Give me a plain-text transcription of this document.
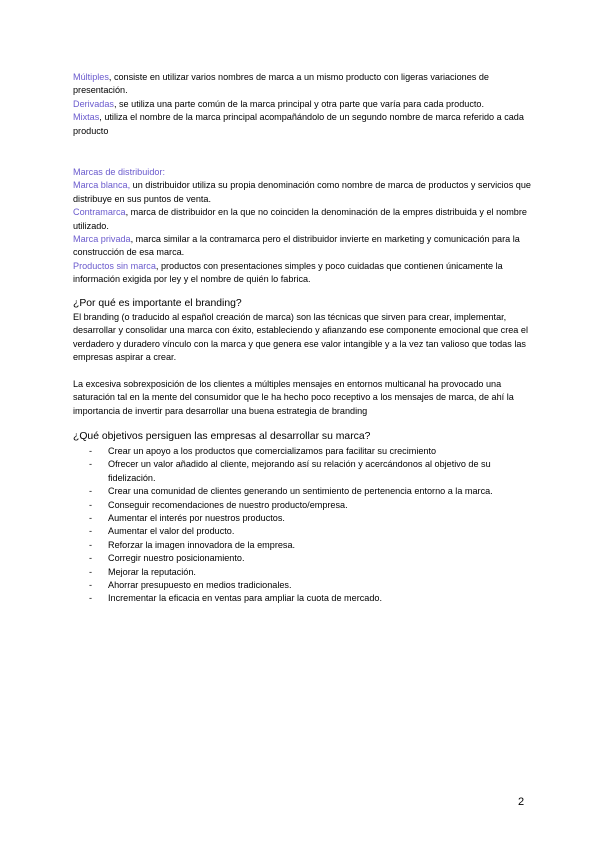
Múltiples, consiste en utilizar varios nombres de marca a un mismo producto con ligeras variaciones de presentación.
Derivadas, se utiliza una parte común de la marca principal y otra parte que varía para cada producto.
Mixtas, utiliza el nombre de la marca principal acompañándolo de un segundo nombre de marca referido a cada producto
Marcas de distribuidor:
Marca blanca, un distribuidor utiliza su propia denominación como nombre de marca de productos y servicios que distribuye en sus puntos de venta.
Contramarca, marca de distribuidor en la que no coinciden la denominación de la empres distribuida y el nombre utilizado.
Marca privada, marca similar a la contramarca pero el distribuidor invierte en marketing y comunicación para la construcción de esa marca.
Productos sin marca, productos con presentaciones simples y poco cuidadas que contienen únicamente la información exigida por ley y el nombre de quién lo fabrica.
¿Por qué es importante el branding?
El branding (o traducido al español creación de marca) son las técnicas que sirven para crear, implementar, desarrollar y consolidar una marca con éxito, estableciendo y afianzando ese componente emocional que crea el verdadero y duradero vínculo con la marca y que genera ese valor intangible y a la vez tan valioso que todas las empresas aspirar a crear.
La excesiva sobrexposición de los clientes a múltiples mensajes en entornos multicanal ha provocado una saturación tal en la mente del consumidor que le ha hecho poco receptivo a los mensajes de marca, de ahí la importancia de invertir para desarrollar una buena estrategia de branding
¿Qué objetivos persiguen las empresas al desarrollar su marca?
- Crear un apoyo a los productos que comercializamos para facilitar su crecimiento
- Ofrecer un valor añadido al cliente, mejorando así su relación y acercándonos al objetivo de su fidelización.
- Crear una comunidad de clientes generando un sentimiento de pertenencia entorno a la marca.
- Conseguir recomendaciones de nuestro producto/empresa.
- Aumentar el interés por nuestros productos.
- Aumentar el valor del producto.
- Reforzar la imagen innovadora de la empresa.
- Corregir nuestro posicionamiento.
- Mejorar la reputación.
- Ahorrar presupuesto en medios tradicionales.
- Incrementar la eficacia en ventas para ampliar la cuota de mercado.
2
